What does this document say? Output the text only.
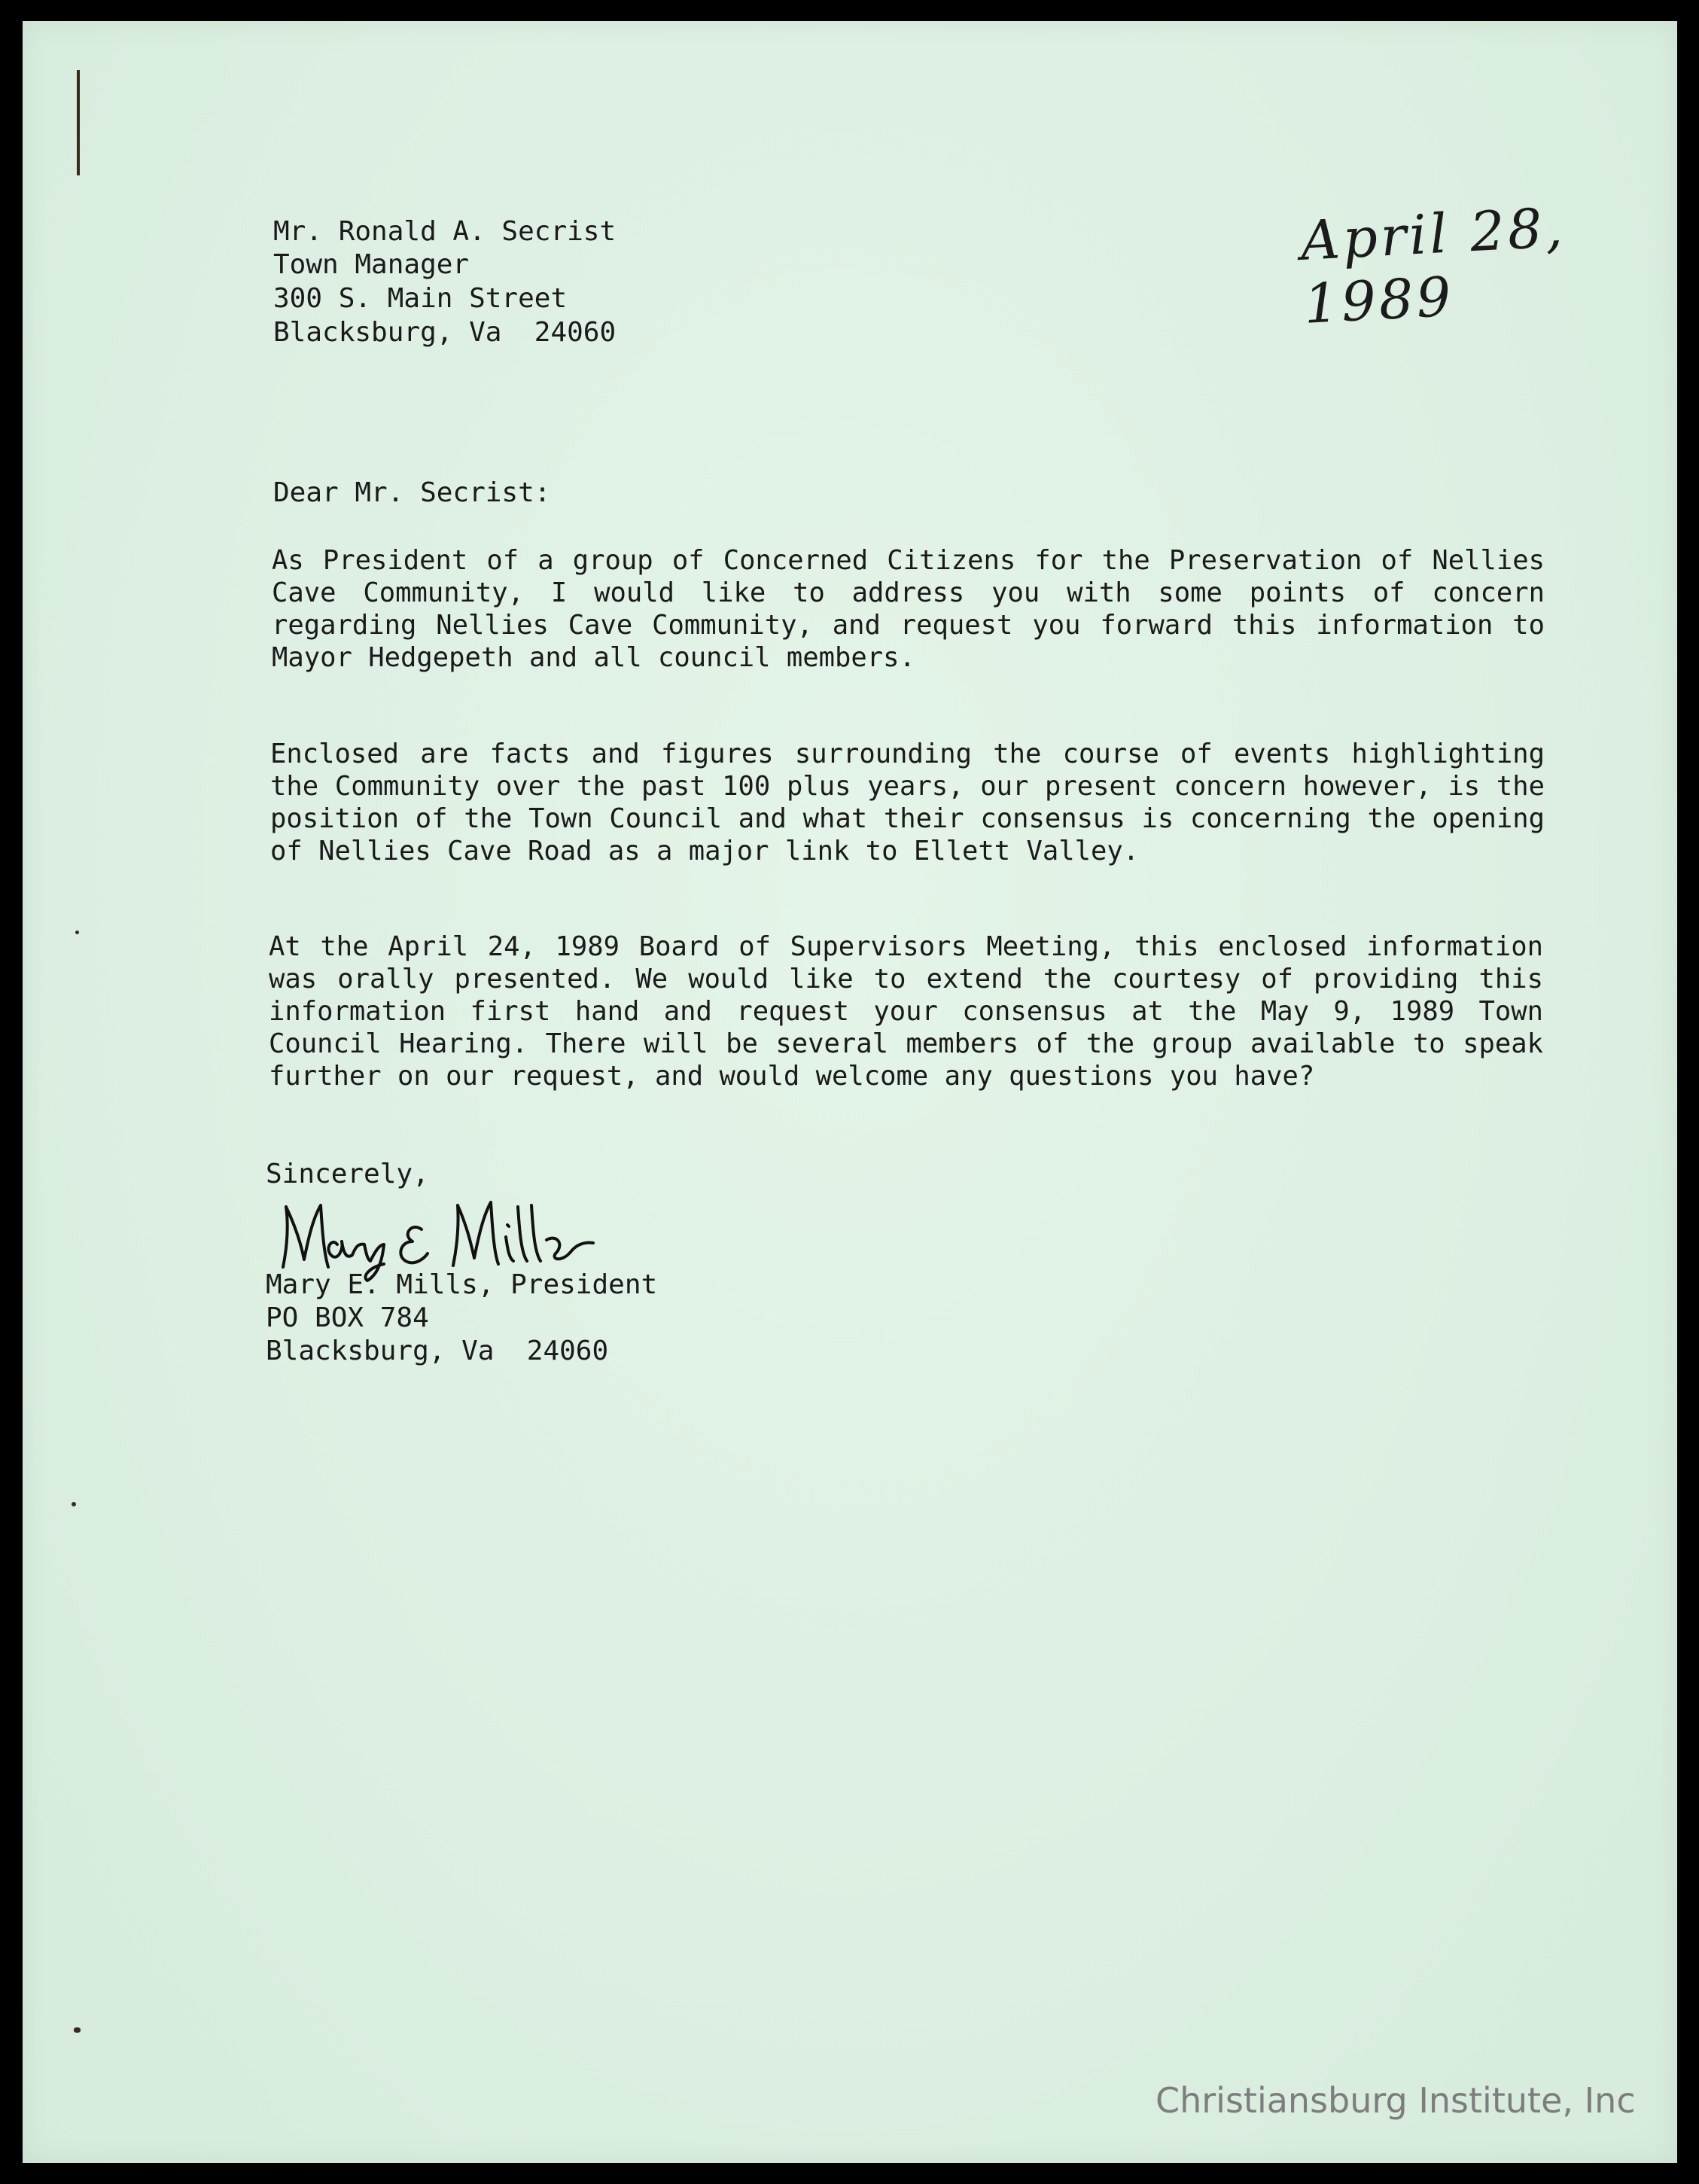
April 28, 1989
Mr. Ronald A. Secrist
Town Manager
300 S. Main Street
Blacksburg, Va  24060
Dear Mr. Secrist:
As President of a group of Concerned Citizens for the Preservation of Nellies
Cave Community, I would like to address you with some points of concern
regarding Nellies Cave Community, and request you forward this information to
Mayor Hedgepeth and all council members.
Enclosed are facts and figures surrounding the course of events highlighting
the Community over the past 100 plus years, our present concern however, is the
position of the Town Council and what their consensus is concerning the opening
of Nellies Cave Road as a major link to Ellett Valley.
At the April 24, 1989 Board of Supervisors Meeting, this enclosed information
was orally presented. We would like to extend the courtesy of providing this
information first hand and request your consensus at the May 9, 1989 Town
Council Hearing. There will be several members of the group available to speak
further on our request, and would welcome any questions you have?
Sincerely,
Mary E. Mills, President
PO BOX 784
Blacksburg, Va  24060
Christiansburg Institute, Inc
